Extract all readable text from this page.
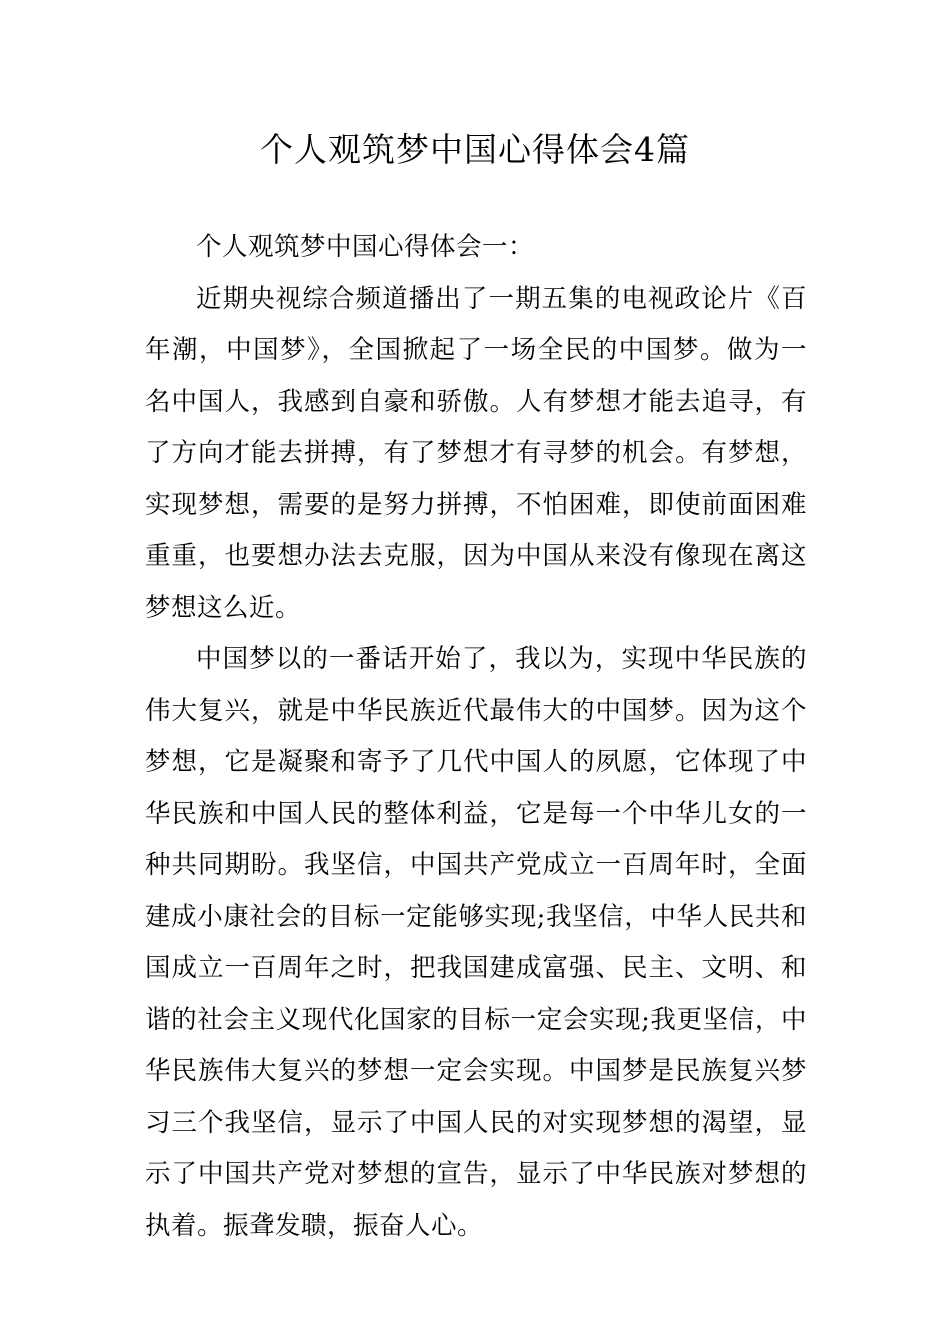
个人观筑梦中国心得体会4篇

个人观筑梦中国心得体会一：

近期央视综合频道播出了一期五集的电视政论片《百年潮，中国梦》，全国掀起了一场全民的中国梦。做为一名中国人，我感到自豪和骄傲。人有梦想才能去追寻，有了方向才能去拼搏，有了梦想才有寻梦的机会。有梦想，实现梦想，需要的是努力拼搏，不怕困难，即使前面困难重重，也要想办法去克服，因为中国从来没有像现在离这梦想这么近。

中国梦以的一番话开始了，我以为，实现中华民族的伟大复兴，就是中华民族近代最伟大的中国梦。因为这个梦想，它是凝聚和寄予了几代中国人的夙愿，它体现了中华民族和中国人民的整体利益，它是每一个中华儿女的一种共同期盼。我坚信，中国共产党成立一百周年时，全面建成小康社会的目标一定能够实现;我坚信，中华人民共和国成立一百周年之时，把我国建成富强、民主、文明、和谐的社会主义现代化国家的目标一定会实现;我更坚信，中华民族伟大复兴的梦想一定会实现。中国梦是民族复兴梦习三个我坚信，显示了中国人民的对实现梦想的渴望，显示了中国共产党对梦想的宣告，显示了中华民族对梦想的执着。振聋发聩，振奋人心。
